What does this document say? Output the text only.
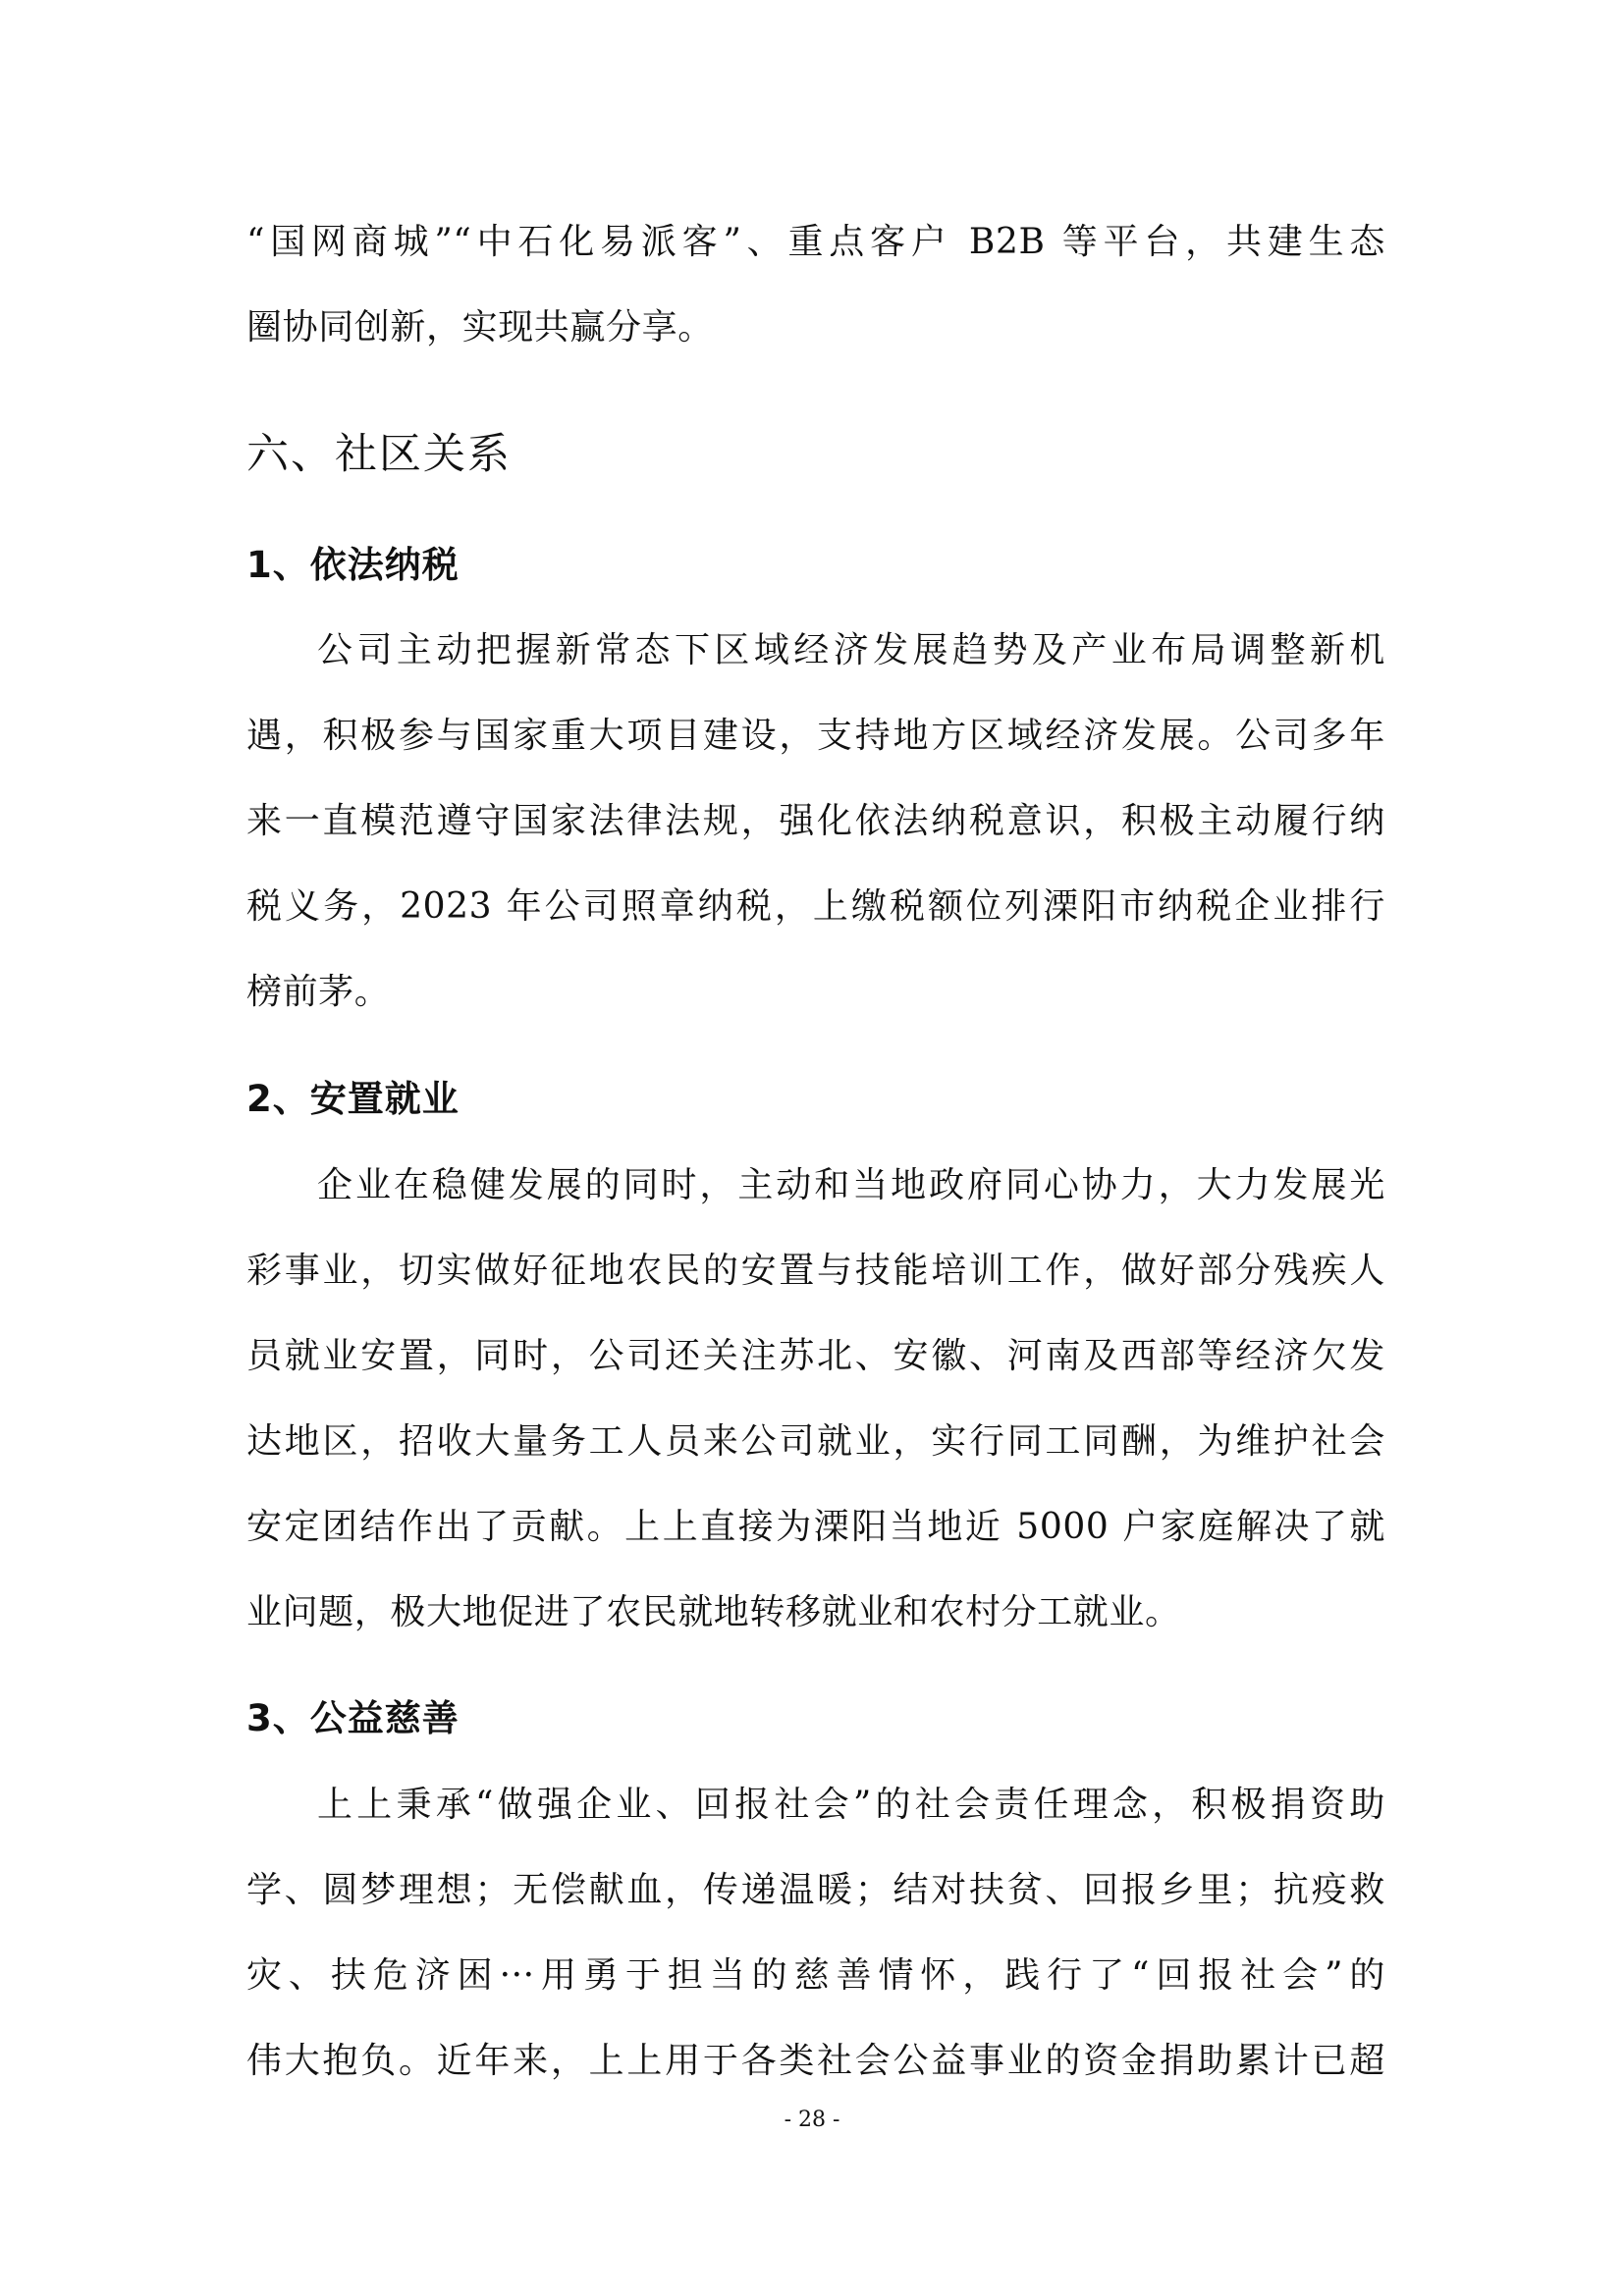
“国网商城”“中石化易派客”、重点客户 B2B 等平台，共建生态

圈协同创新，实现共赢分享。

六、社区关系
1、依法纳税

公司主动把握新常态下区域经济发展趋势及产业布局调整新机

遇，积极参与国家重大项目建设，支持地方区域经济发展。公司多年

来一直模范遵守国家法律法规，强化依法纳税意识，积极主动履行纳

税义务，2023 年公司照章纳税，上缴税额位列溧阳市纳税企业排行

榜前茅。

2、安置就业

企业在稳健发展的同时，主动和当地政府同心协力，大力发展光

彩事业，切实做好征地农民的安置与技能培训工作，做好部分残疾人

员就业安置，同时，公司还关注苏北、安徽、河南及西部等经济欠发

达地区，招收大量务工人员来公司就业，实行同工同酬，为维护社会

安定团结作出了贡献。上上直接为溧阳当地近 5000 户家庭解决了就

业问题，极大地促进了农民就地转移就业和农村分工就业。

3、公益慈善

上上秉承“做强企业、回报社会”的社会责任理念，积极捐资助

学、圆梦理想；无偿献血，传递温暖；结对扶贫、回报乡里；抗疫救

灾、扶危济困···用勇于担当的慈善情怀，践行了“回报社会”的

伟大抱负。近年来，上上用于各类社会公益事业的资金捐助累计已超

- 28 -
